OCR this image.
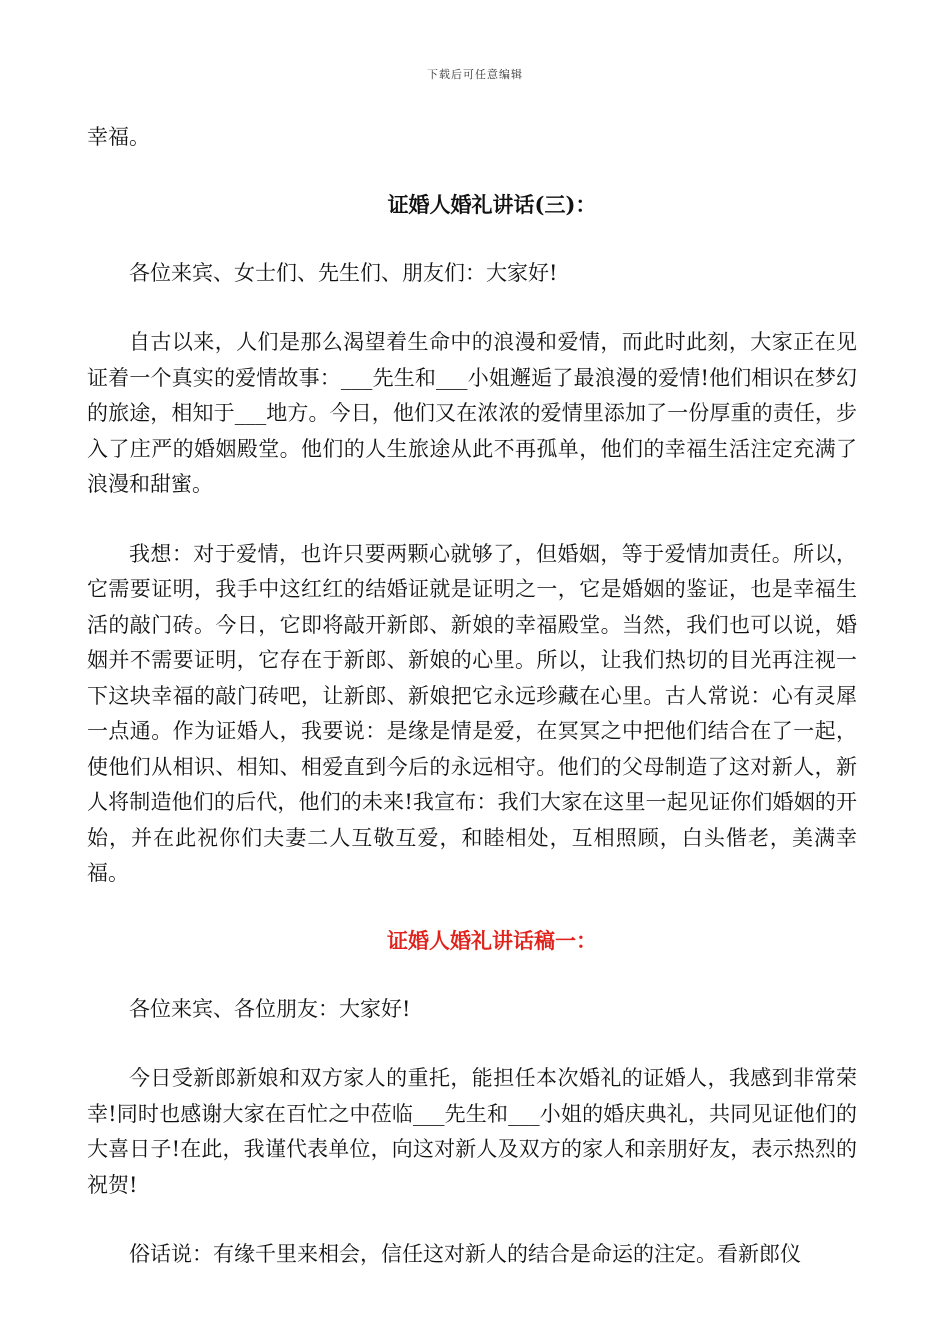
下载后可任意编辑

幸福。

证婚人婚礼讲话(三)：

各位来宾、女士们、先生们、朋友们：大家好!

自古以来，人们是那么渴望着生命中的浪漫和爱情，而此时此刻，大家正在见证着一个真实的爱情故事：___先生和___小姐邂逅了最浪漫的爱情!他们相识在梦幻的旅途，相知于___地方。今日，他们又在浓浓的爱情里添加了一份厚重的责任，步入了庄严的婚姻殿堂。他们的人生旅途从此不再孤单，他们的幸福生活注定充满了浪漫和甜蜜。

我想：对于爱情，也许只要两颗心就够了，但婚姻，等于爱情加责任。所以，它需要证明，我手中这红红的结婚证就是证明之一，它是婚姻的鉴证，也是幸福生活的敲门砖。今日，它即将敲开新郎、新娘的幸福殿堂。当然，我们也可以说，婚姻并不需要证明，它存在于新郎、新娘的心里。所以，让我们热切的目光再注视一下这块幸福的敲门砖吧，让新郎、新娘把它永远珍藏在心里。古人常说：心有灵犀一点通。作为证婚人，我要说：是缘是情是爱，在冥冥之中把他们结合在了一起，使他们从相识、相知、相爱直到今后的永远相守。他们的父母制造了这对新人，新人将制造他们的后代，他们的未来!我宣布：我们大家在这里一起见证你们婚姻的开始，并在此祝你们夫妻二人互敬互爱，和睦相处，互相照顾，白头偕老，美满幸福。

证婚人婚礼讲话稿一：

各位来宾、各位朋友：大家好!

今日受新郎新娘和双方家人的重托，能担任本次婚礼的证婚人，我感到非常荣幸!同时也感谢大家在百忙之中莅临___先生和___小姐的婚庆典礼，共同见证他们的大喜日子!在此，我谨代表单位，向这对新人及双方的家人和亲朋好友，表示热烈的祝贺!

俗话说：有缘千里来相会，信任这对新人的结合是命运的注定。看新郎仪
